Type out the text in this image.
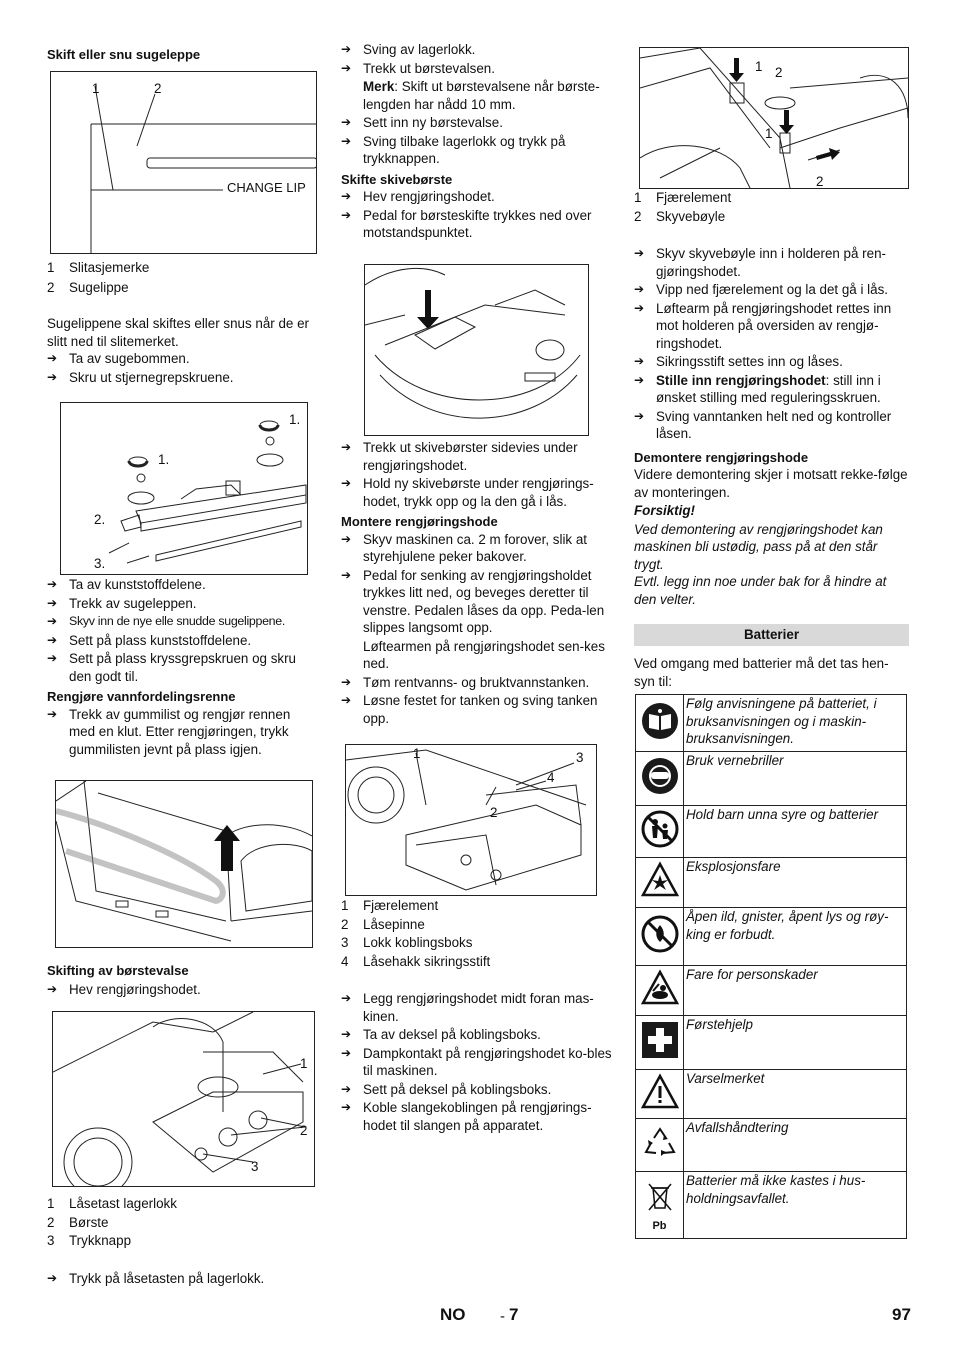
Skift eller snu sugeleppe

1	2
CHANGE LIP
1	Slitasjemerke
2	Sugelippe

Sugelippene skal skiftes eller snus når de er slitt ned til slitemerket.

➔ Ta av sugebommen.

➔ Skru ut stjernegrepskruene.

1.
1.
2.
3.

➔ Ta av kunststoffdelene.

➔ Trekk av sugeleppen.

➔ Skyv inn de nye elle snudde sugelippene.

➔ Sett på plass kunststoffdelene.

➔ Sett på plass kryssgrepskruen og skru den godt til.

Rengjøre vannfordelingsrenne

➔ Trekk av gummilist og rengjør rennen med en klut. Etter rengjøringen, trykk gummilisten jevnt på plass igjen.

Skifting av børstevalse

➔ Hev rengjøringshodet.

1
2
3
1	Låsetast lagerlokk
2	Børste
3	Trykknapp

➔ Trykk på låsetasten på lagerlokk.

➔ Sving av lagerlokk.

➔ Trekk ut børstevalsen.

Merk: Skift ut børstevalsene når børste-lengden har nådd 10 mm.

➔ Sett inn ny børstevalse.

➔ Sving tilbake lagerlokk og trykk på trykknappen.

Skifte skivebørste

➔ Hev rengjøringshodet.

➔ Pedal for børsteskifte trykkes ned over motstandspunktet.

➔ Trekk ut skivebørster sidevies under rengjøringshodet.

➔ Hold ny skivebørste under rengjørings-hodet, trykk opp og la den gå i lås.

Montere rengjøringshode

➔ Skyv maskinen ca. 2 m forover, slik at styrehjulene peker bakover.

➔ Pedal for senking av rengjøringsholdet trykkes litt ned, og beveges deretter til venstre. Pedalen låses da opp. Peda-len slippes langsomt opp.

Løftearmen på rengjøringshodet sen-kes ned.

➔ Tøm rentvanns- og bruktvannstanken.

➔ Løsne festet for tanken og sving tanken opp.

1
2
3
4
1	Fjærelement
2	Låsepinne
3	Lokk koblingsboks
4	Låsehakk sikringsstift

➔ Legg rengjøringshodet midt foran mas-kinen.

➔ Ta av deksel på koblingsboks.

➔ Dampkontakt på rengjøringshodet ko-bles til maskinen.

➔ Sett på deksel på koblingsboks.

➔ Koble slangekoblingen på rengjørings-hodet til slangen på apparatet.

1 2
1
2
1	Fjærelement
2	Skyvebøyle

➔ Skyv skyvebøyle inn i holderen på ren-gjøringshodet.

➔ Vipp ned fjærelement og la det gå i lås.

➔ Løftearm på rengjøringshodet rettes inn mot holderen på oversiden av rengjø-ringshodet.

➔ Sikringsstift settes inn og låses.

➔ Stille inn rengjøringshodet: still inn i ønsket stilling med reguleringsskruen.

➔ Sving vanntanken helt ned og kontroller låsen.

Demontere rengjøringshode

Videre demontering skjer i motsatt rekke-følge av monteringen.

Forsiktig!

Ved demontering av rengjøringshodet kan maskinen bli ustødig, pass på at den står trygt.

Evtl. legg inn noe under bak for å hindre at den velter.

Batterier

Ved omgang med batterier må det tas hen-syn til:

	Følg anvisningene på batteriet, i bruksanvisningen og i maskin-bruksanvisningen.
	Bruk vernebriller
	Hold barn unna syre og batterier
	Eksplosjonsfare
	Åpen ild, gnister, åpent lys og røy-king er forbudt.
	Fare for personskader
	Førstehjelp
	Varselmerket
	Avfallshåndtering

Pb	Batterier må ikke kastes i hus-holdningsavfallet.
NO - 7	97
